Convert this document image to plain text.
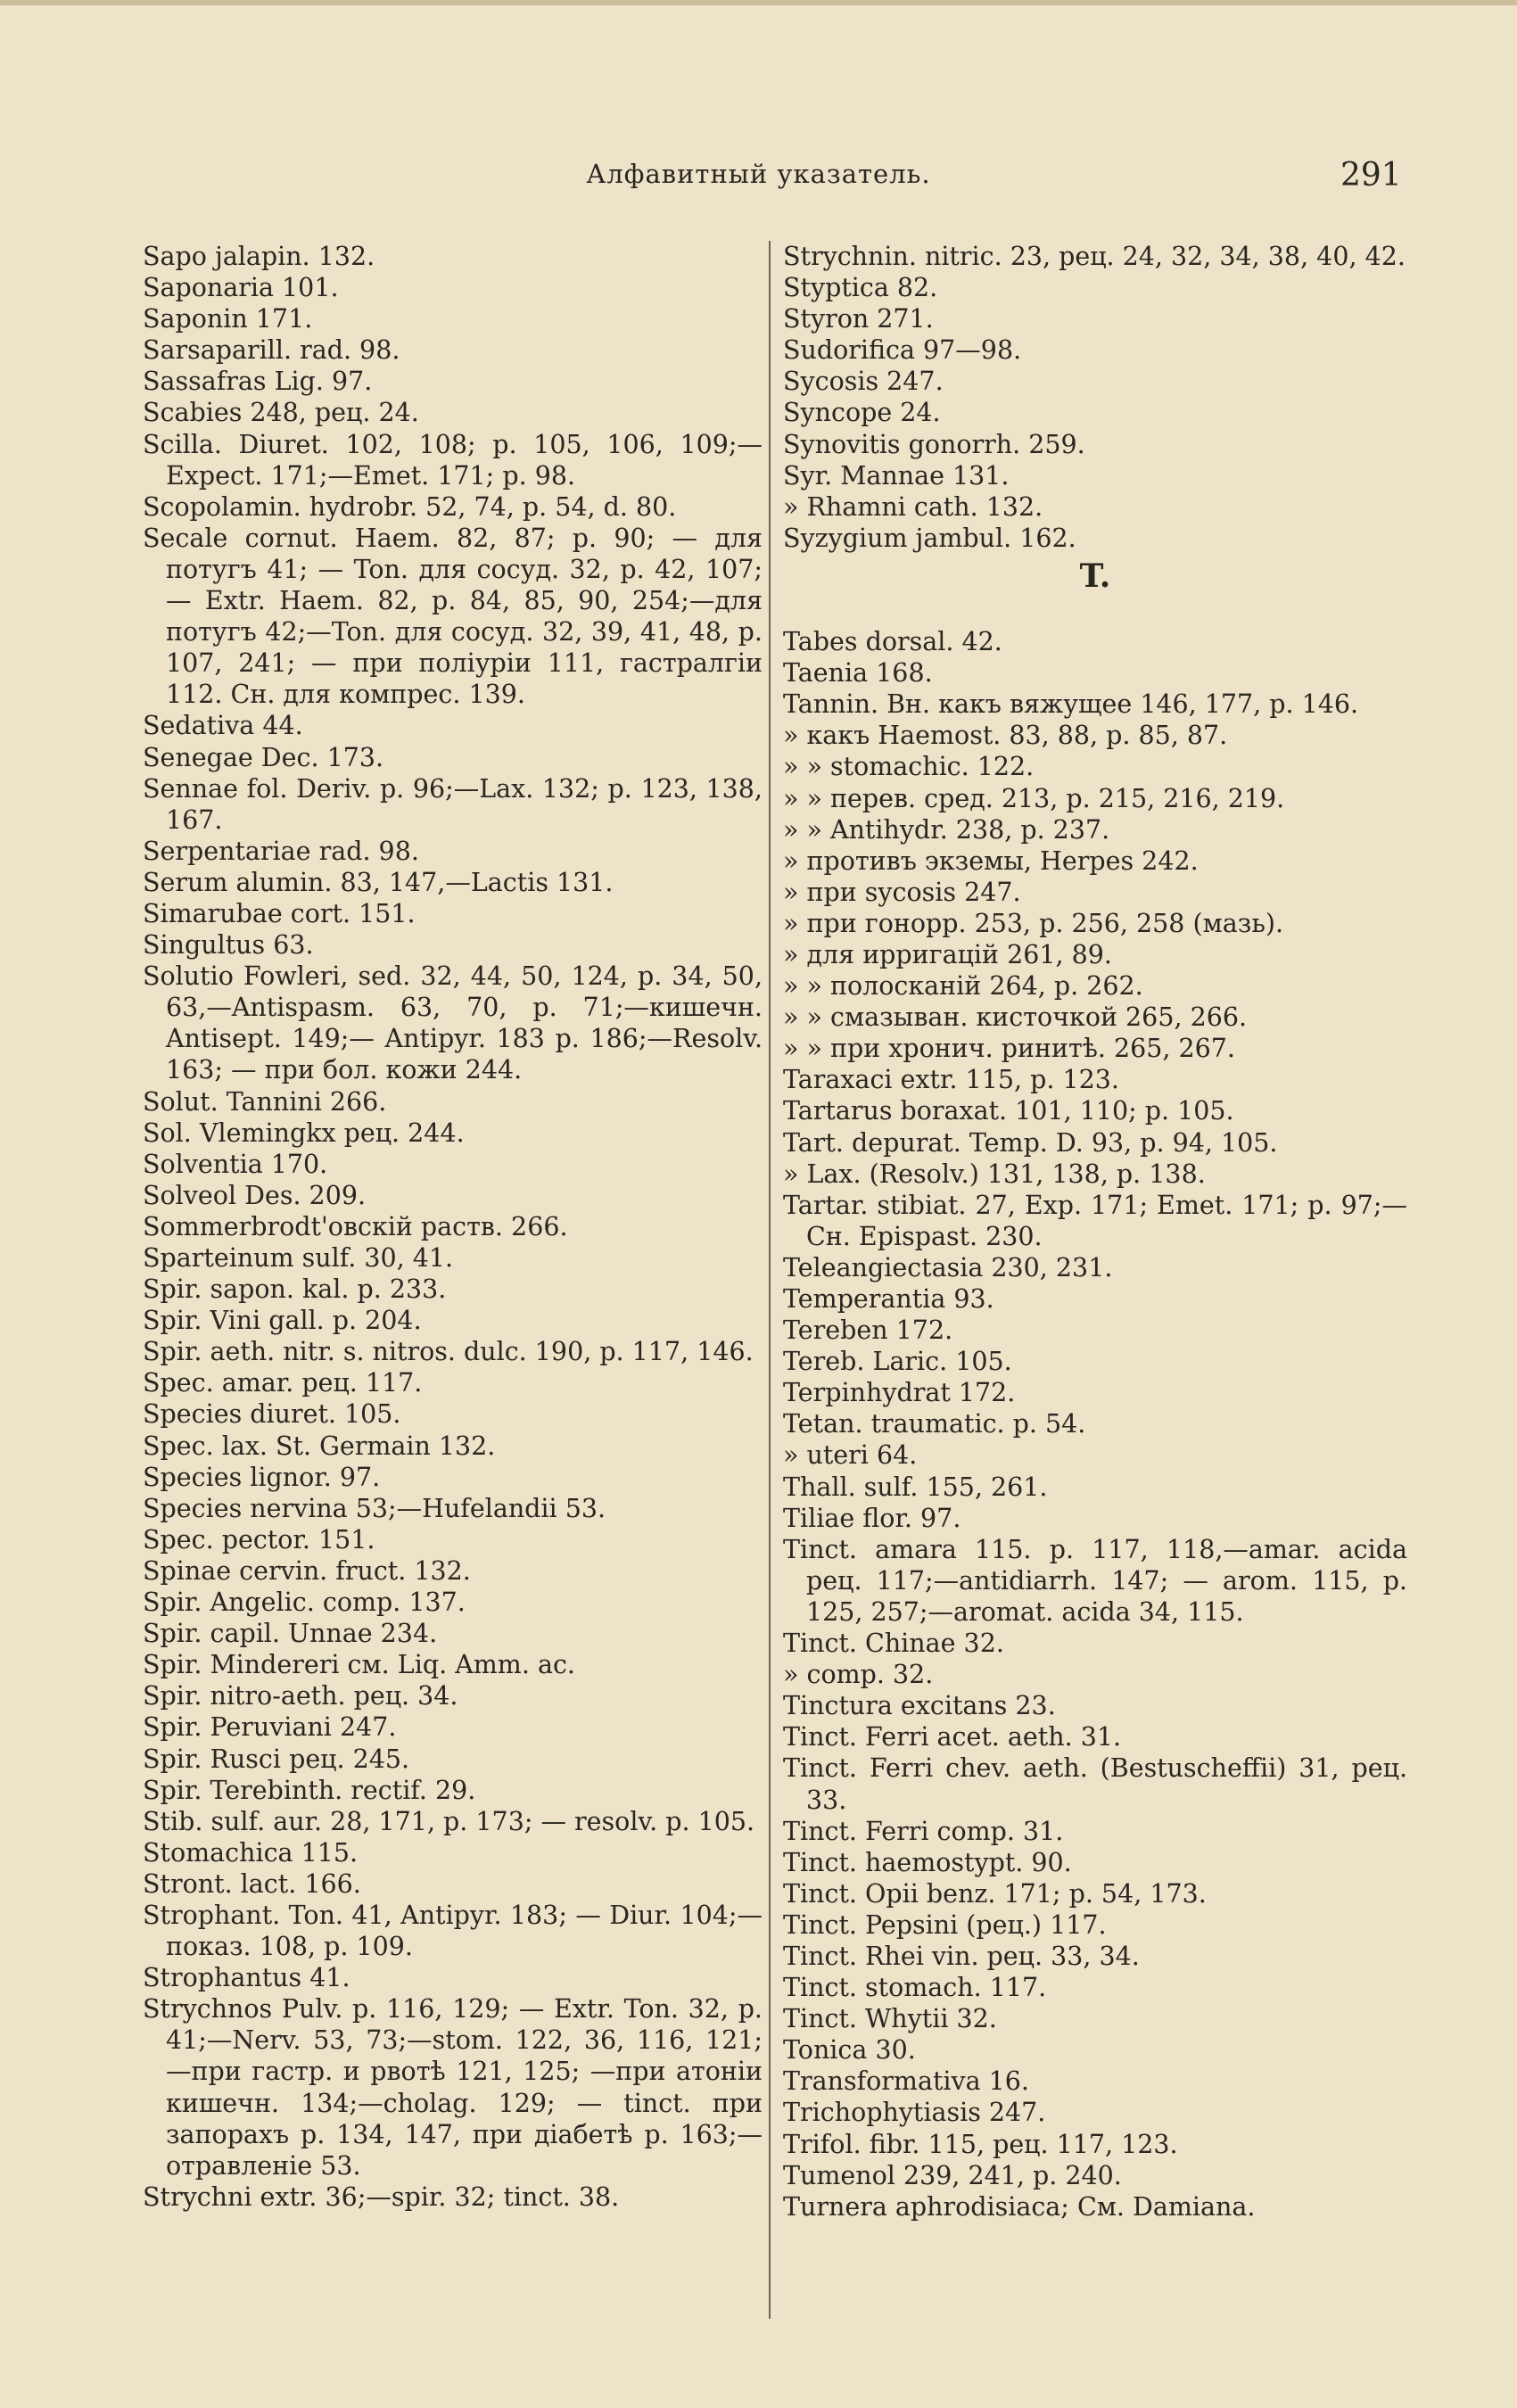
Алфавитный указатель.	291
Sapo jalapin. 132.
Saponaria 101.
Saponin 171.
Sarsaparill. rad. 98.
Sassafras Lig. 97.
Scabies 248, рец. 24.
Scilla. Diuret. 102, 108; p. 105, 106, 109;—Expect. 171;—Emet. 171; p. 98.
Scopolamin. hydrobr. 52, 74, p. 54, d. 80.
Secale cornut. Haem. 82, 87; p. 90; — для потугъ 41; — Ton. для сосуд. 32, p. 42, 107; — Extr. Haem. 82, p. 84, 85, 90, 254;—для потугъ 42;—Ton. для сосуд. 32, 39, 41, 48, p. 107, 241; — при поліуріи 111, гастралгіи 112. Сн. для компрес. 139.
Sedativa 44.
Senegae Dec. 173.
Sennae fol. Deriv. p. 96;—Lax. 132; p. 123, 138, 167.
Serpentariae rad. 98.
Serum alumin. 83, 147,—Lactis 131.
Simarubae cort. 151.
Singultus 63.
Solutio Fowleri, sed. 32, 44, 50, 124, p. 34, 50, 63,—Antispasm. 63, 70, p. 71;—кишечн. Antisept. 149;— Antipyr. 183 p. 186;—Resolv. 163; — при бол. кожи 244.
Solut. Tannini 266.
Sol. Vlemingkx рец. 244.
Solventia 170.
Solveol Des. 209.
Sommerbrodt'овскій раств. 266.
Sparteinum sulf. 30, 41.
Spir. sapon. kal. p. 233.
Spir. Vini gall. p. 204.
Spir. aeth. nitr. s. nitros. dulc. 190, p. 117, 146.
Spec. amar. рец. 117.
Species diuret. 105.
Spec. lax. St. Germain 132.
Species lignor. 97.
Species nervina 53;—Hufelandii 53.
Spec. pector. 151.
Spinae cervin. fruct. 132.
Spir. Angelic. comp. 137.
Spir. capil. Unnae 234.
Spir. Mindereri см. Liq. Amm. ac.
Spir. nitro-aeth. рец. 34.
Spir. Peruviani 247.
Spir. Rusci рец. 245.
Spir. Terebinth. rectif. 29.
Stib. sulf. aur. 28, 171, p. 173; — resolv. p. 105.
Stomachica 115.
Stront. lact. 166.
Strophant. Ton. 41, Antipyr. 183; — Diur. 104;—показ. 108, p. 109.
Strophantus 41.
Strychnos Pulv. p. 116, 129; — Extr. Ton. 32, p. 41;—Nerv. 53, 73;—stom. 122, 36, 116, 121;—при гастр. и рвотѣ 121, 125; —при атоніи кишечн. 134;—cholag. 129; — tinct. при запорахъ p. 134, 147, при діабетѣ p. 163;—отравленіе 53.
Strychni extr. 36;—spir. 32; tinct. 38.
Strychnin. nitric. 23, рец. 24, 32, 34, 38, 40, 42.
Styptica 82.
Styron 271.
Sudorifica 97—98.
Sycosis 247.
Syncope 24.
Synovitis gonorrh. 259.
Syr. Mannae 131.
» Rhamni cath. 132.
Syzygium jambul. 162.
T.
Tabes dorsal. 42.
Taenia 168.
Tannin. Вн. какъ вяжущее 146, 177, p. 146.
» какъ Haemost. 83, 88, p. 85, 87.
» » stomachic. 122.
» » перев. сред. 213, p. 215, 216, 219.
» » Antihydr. 238, p. 237.
» противъ экземы, Herpes 242.
» при sycosis 247.
» при гонорр. 253, p. 256, 258 (мазь).
» для ирригацій 261, 89.
» » полосканій 264, p. 262.
» » смазыван. кисточкой 265, 266.
» » при хронич. ринитѣ. 265, 267.
Taraxaci extr. 115, p. 123.
Tartarus boraxat. 101, 110; p. 105.
Tart. depurat. Temp. D. 93, p. 94, 105.
» Lax. (Resolv.) 131, 138, p. 138.
Tartar. stibiat. 27, Exp. 171; Emet. 171; p. 97;—Сн. Epispast. 230.
Teleangiectasia 230, 231.
Temperantia 93.
Tereben 172.
Tereb. Laric. 105.
Terpinhydrat 172.
Tetan. traumatic. p. 54.
» uteri 64.
Thall. sulf. 155, 261.
Tiliae flor. 97.
Tinct. amara 115. p. 117, 118,—amar. acida рец. 117;—antidiarrh. 147; — arom. 115, p. 125, 257;—aromat. acida 34, 115.
Tinct. Chinae 32.
» comp. 32.
Tinctura excitans 23.
Tinct. Ferri acet. aeth. 31.
Tinct. Ferri chev. aeth. (Bestuscheffii) 31, рец. 33.
Tinct. Ferri comp. 31.
Tinct. haemostypt. 90.
Tinct. Opii benz. 171; p. 54, 173.
Tinct. Pepsini (рец.) 117.
Tinct. Rhei vin. рец. 33, 34.
Tinct. stomach. 117.
Tinct. Whytii 32.
Tonica 30.
Transformativa 16.
Trichophytiasis 247.
Trifol. fibr. 115, рец. 117, 123.
Tumenol 239, 241, p. 240.
Turnera aphrodisiaca; См. Damiana.
